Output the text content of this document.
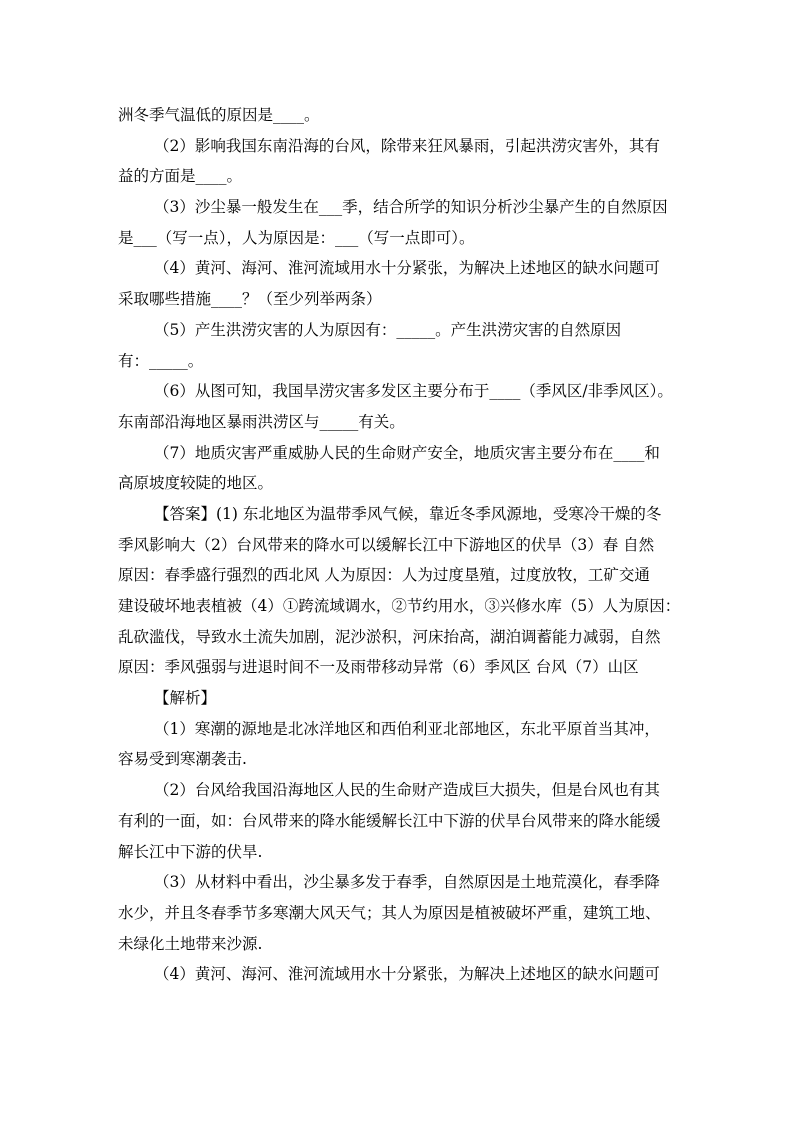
洲冬季气温低的原因是____。
（2）影响我国东南沿海的台风，除带来狂风暴雨，引起洪涝灾害外，其有
益的方面是____。
（3）沙尘暴一般发生在___季，结合所学的知识分析沙尘暴产生的自然原因
是___（写一点），人为原因是：___（写一点即可）。
（4）黄河、海河、淮河流域用水十分紧张，为解决上述地区的缺水问题可
采取哪些措施____？（至少列举两条）
（5）产生洪涝灾害的人为原因有：_____。产生洪涝灾害的自然原因
有：_____。
（6）从图可知，我国旱涝灾害多发区主要分布于____（季风区/非季风区）。
东南部沿海地区暴雨洪涝区与_____有关。
（7）地质灾害严重威胁人民的生命财产安全，地质灾害主要分布在____和
高原坡度较陡的地区。
【答案】(1) 东北地区为温带季风气候，靠近冬季风源地，受寒冷干燥的冬
季风影响大（2）台风带来的降水可以缓解长江中下游地区的伏旱（3）春 自然
原因：春季盛行强烈的西北风 人为原因：人为过度垦殖，过度放牧，工矿交通
建设破坏地表植被（4）①跨流域调水，②节约用水，③兴修水库（5）人为原因：
乱砍滥伐，导致水土流失加剧，泥沙淤积，河床抬高，湖泊调蓄能力减弱，自然
原因：季风强弱与进退时间不一及雨带移动异常（6）季风区 台风（7）山区
【解析】
（1）寒潮的源地是北冰洋地区和西伯利亚北部地区，东北平原首当其冲，
容易受到寒潮袭击.
（2）台风给我国沿海地区人民的生命财产造成巨大损失，但是台风也有其
有利的一面，如：台风带来的降水能缓解长江中下游的伏旱台风带来的降水能缓
解长江中下游的伏旱.
（3）从材料中看出，沙尘暴多发于春季，自然原因是土地荒漠化，春季降
水少，并且冬春季节多寒潮大风天气；其人为原因是植被破坏严重，建筑工地、
未绿化土地带来沙源.
（4）黄河、海河、淮河流域用水十分紧张，为解决上述地区的缺水问题可
